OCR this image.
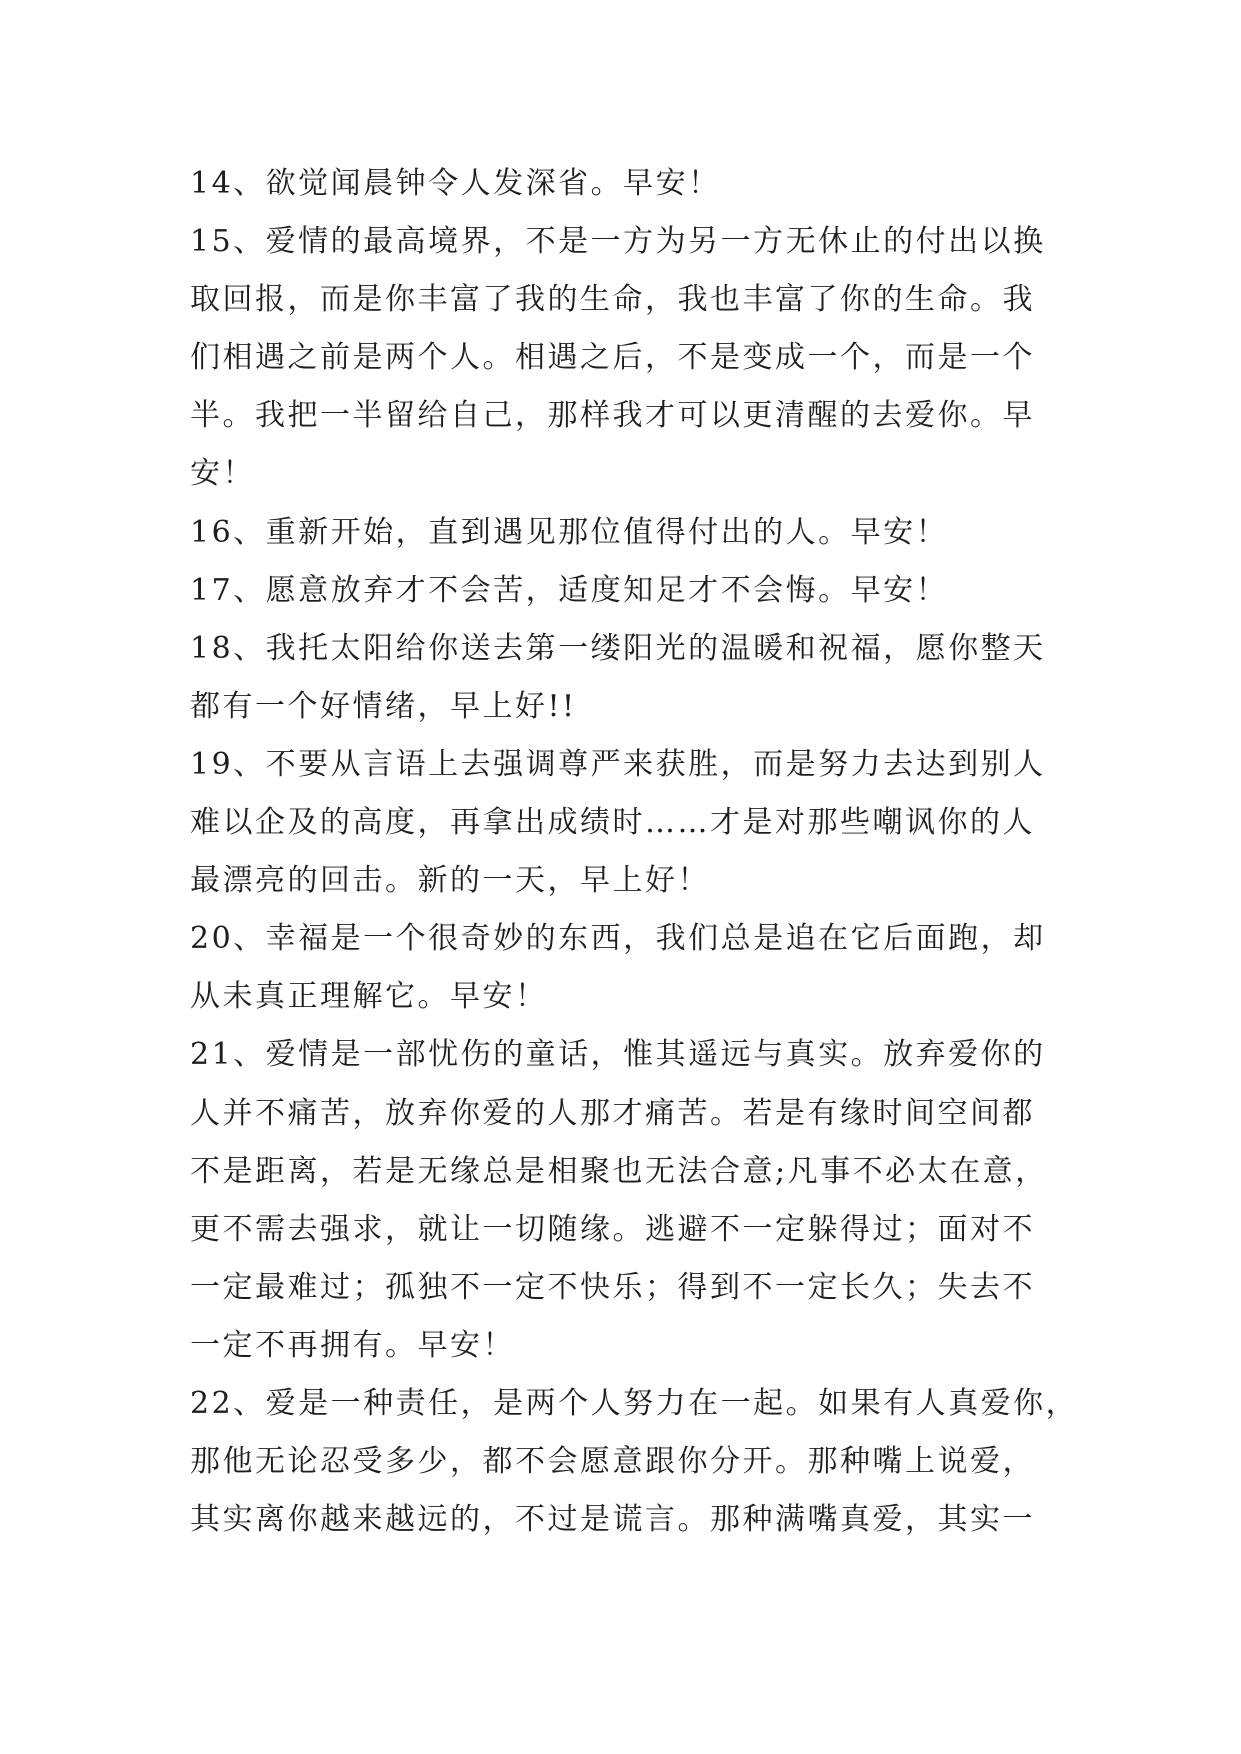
14、欲觉闻晨钟令人发深省。早安！
15、爱情的最高境界，不是一方为另一方无休止的付出以换
取回报，而是你丰富了我的生命，我也丰富了你的生命。我
们相遇之前是两个人。相遇之后，不是变成一个，而是一个
半。我把一半留给自己，那样我才可以更清醒的去爱你。早
安！
16、重新开始，直到遇见那位值得付出的人。早安！
17、愿意放弃才不会苦，适度知足才不会悔。早安！
18、我托太阳给你送去第一缕阳光的温暖和祝福，愿你整天
都有一个好情绪，早上好!!
19、不要从言语上去强调尊严来获胜，而是努力去达到别人
难以企及的高度，再拿出成绩时……才是对那些嘲讽你的人
最漂亮的回击。新的一天，早上好！
20、幸福是一个很奇妙的东西，我们总是追在它后面跑，却
从未真正理解它。早安！
21、爱情是一部忧伤的童话，惟其遥远与真实。放弃爱你的
人并不痛苦，放弃你爱的人那才痛苦。若是有缘时间空间都
不是距离，若是无缘总是相聚也无法合意;凡事不必太在意，
更不需去强求，就让一切随缘。逃避不一定躲得过；面对不
一定最难过；孤独不一定不快乐；得到不一定长久；失去不
一定不再拥有。早安！
22、爱是一种责任，是两个人努力在一起。如果有人真爱你，
那他无论忍受多少，都不会愿意跟你分开。那种嘴上说爱，
其实离你越来越远的，不过是谎言。那种满嘴真爱，其实一
